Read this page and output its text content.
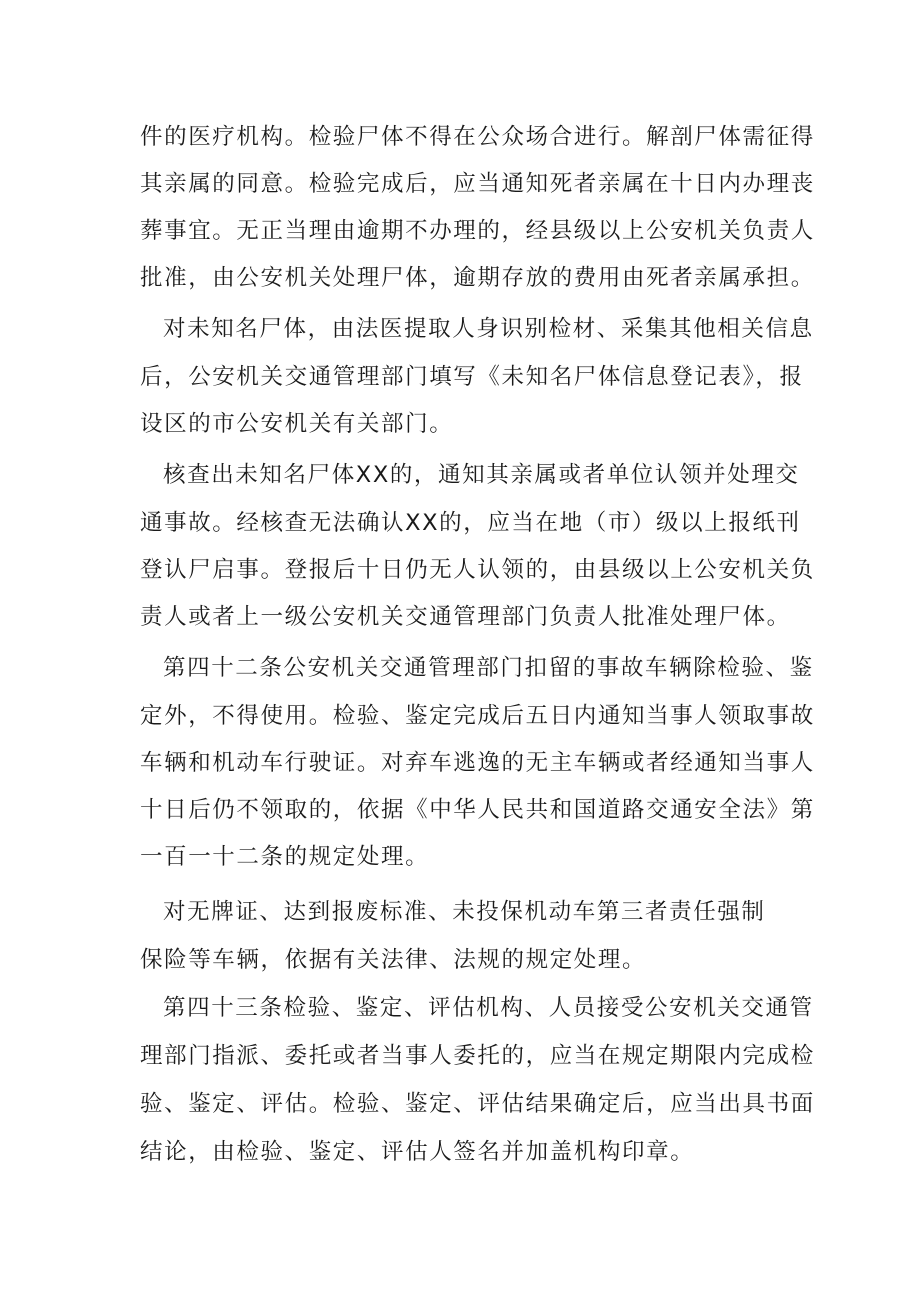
件的医疗机构。检验尸体不得在公众场合进行。解剖尸体需征得
其亲属的同意。检验完成后，应当通知死者亲属在十日内办理丧
葬事宜。无正当理由逾期不办理的，经县级以上公安机关负责人
批准，由公安机关处理尸体，逾期存放的费用由死者亲属承担。
对未知名尸体，由法医提取人身识别检材、采集其他相关信息
后，公安机关交通管理部门填写《未知名尸体信息登记表》，报
设区的市公安机关有关部门。
核查出未知名尸体XX的，通知其亲属或者单位认领并处理交
通事故。经核查无法确认XX的，应当在地（市）级以上报纸刊
登认尸启事。登报后十日仍无人认领的，由县级以上公安机关负
责人或者上一级公安机关交通管理部门负责人批准处理尸体。
第四十二条公安机关交通管理部门扣留的事故车辆除检验、鉴
定外，不得使用。检验、鉴定完成后五日内通知当事人领取事故
车辆和机动车行驶证。对弃车逃逸的无主车辆或者经通知当事人
十日后仍不领取的，依据《中华人民共和国道路交通安全法》第
一百一十二条的规定处理。
对无牌证、达到报废标准、未投保机动车第三者责任强制
保险等车辆，依据有关法律、法规的规定处理。
第四十三条检验、鉴定、评估机构、人员接受公安机关交通管
理部门指派、委托或者当事人委托的，应当在规定期限内完成检
验、鉴定、评估。检验、鉴定、评估结果确定后，应当出具书面
结论，由检验、鉴定、评估人签名并加盖机构印章。
